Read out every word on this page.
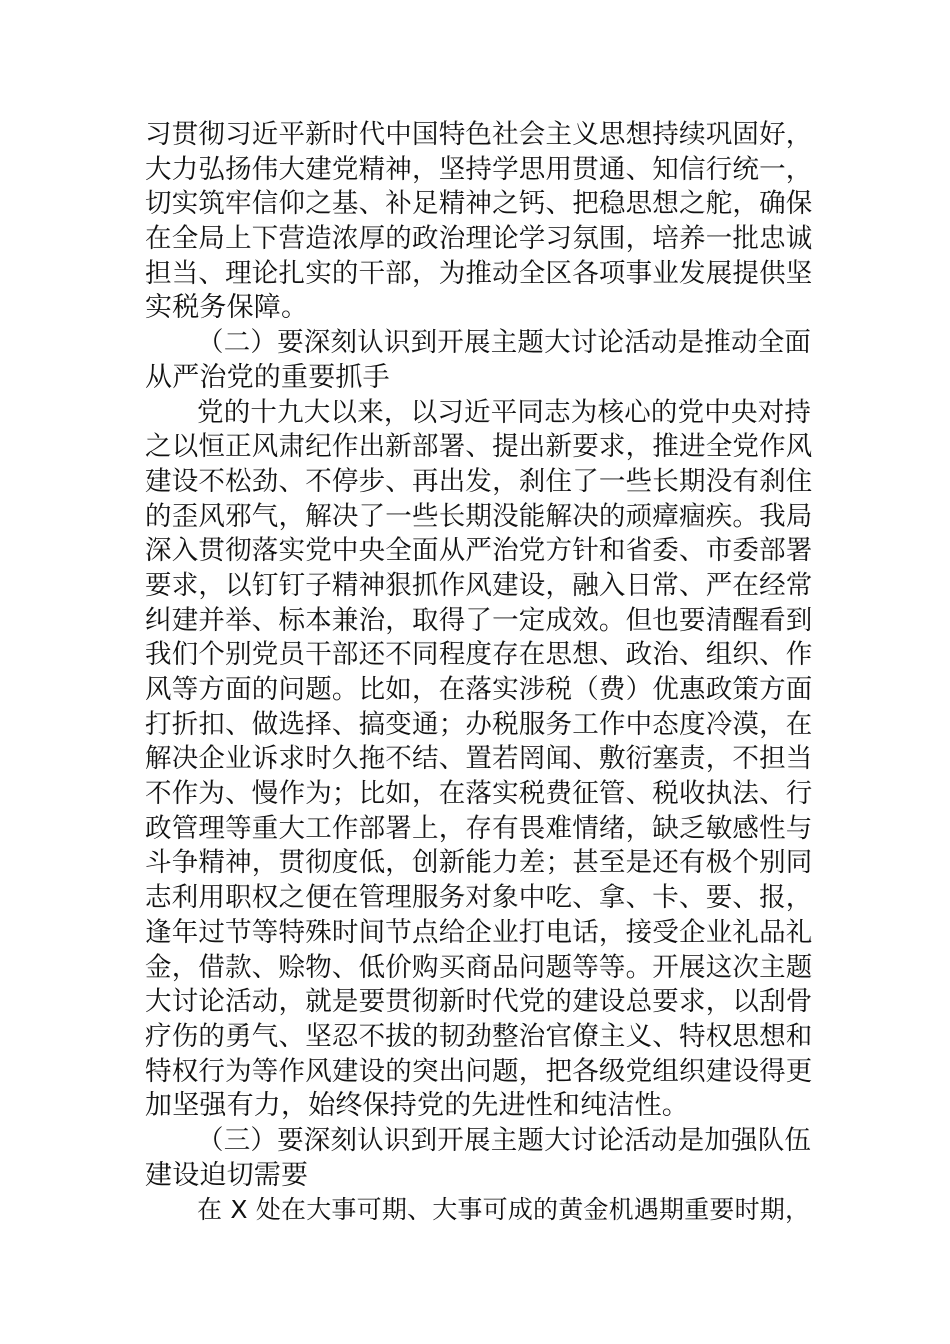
习贯彻习近平新时代中国特色社会主义思想持续巩固好，
大力弘扬伟大建党精神，坚持学思用贯通、知信行统一，
切实筑牢信仰之基、补足精神之钙、把稳思想之舵，确保
在全局上下营造浓厚的政治理论学习氛围，培养一批忠诚
担当、理论扎实的干部，为推动全区各项事业发展提供坚
实税务保障。
（二）要深刻认识到开展主题大讨论活动是推动全面
从严治党的重要抓手
党的十九大以来，以习近平同志为核心的党中央对持
之以恒正风肃纪作出新部署、提出新要求，推进全党作风
建设不松劲、不停步、再出发，刹住了一些长期没有刹住
的歪风邪气，解决了一些长期没能解决的顽瘴痼疾。我局
深入贯彻落实党中央全面从严治党方针和省委、市委部署
要求，以钉钉子精神狠抓作风建设，融入日常、严在经常
纠建并举、标本兼治，取得了一定成效。但也要清醒看到
我们个别党员干部还不同程度存在思想、政治、组织、作
风等方面的问题。比如，在落实涉税（费）优惠政策方面
打折扣、做选择、搞变通；办税服务工作中态度冷漠，在
解决企业诉求时久拖不结、置若罔闻、敷衍塞责，不担当
不作为、慢作为；比如，在落实税费征管、税收执法、行
政管理等重大工作部署上，存有畏难情绪，缺乏敏感性与
斗争精神，贯彻度低，创新能力差；甚至是还有极个别同
志利用职权之便在管理服务对象中吃、拿、卡、要、报，
逢年过节等特殊时间节点给企业打电话，接受企业礼品礼
金，借款、赊物、低价购买商品问题等等。开展这次主题
大讨论活动，就是要贯彻新时代党的建设总要求，以刮骨
疗伤的勇气、坚忍不拔的韧劲整治官僚主义、特权思想和
特权行为等作风建设的突出问题，把各级党组织建设得更
加坚强有力，始终保持党的先进性和纯洁性。
（三）要深刻认识到开展主题大讨论活动是加强队伍
建设迫切需要
在 X 处在大事可期、大事可成的黄金机遇期重要时期，
